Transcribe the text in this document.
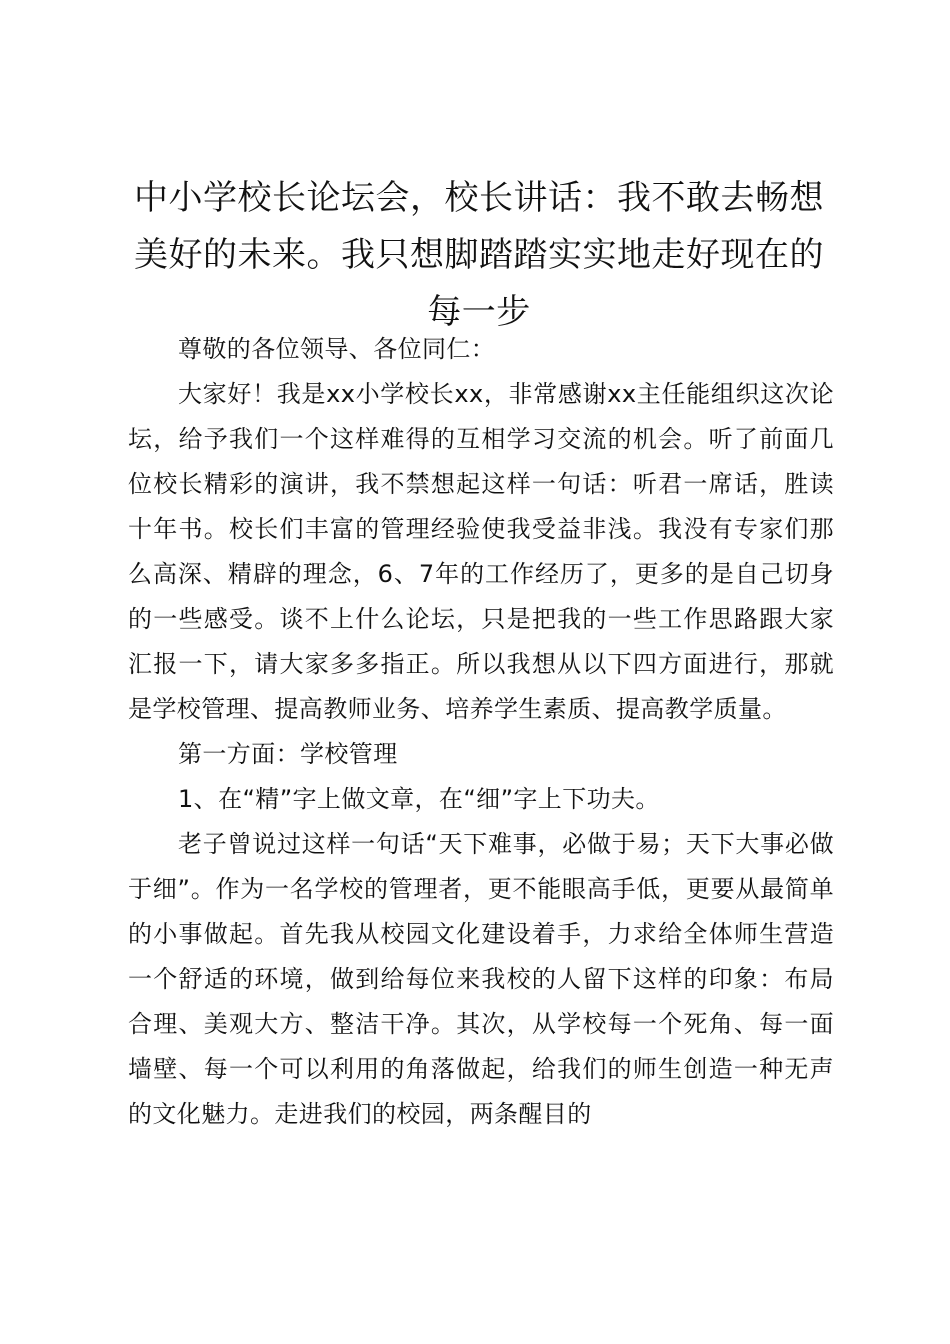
中小学校长论坛会，校长讲话：我不敢去畅想美好的未来。我只想脚踏踏实实地走好现在的每一步

尊敬的各位领导、各位同仁：

大家好！我是xx小学校长xx，非常感谢xx主任能组织这次论坛，给予我们一个这样难得的互相学习交流的机会。听了前面几位校长精彩的演讲，我不禁想起这样一句话：听君一席话，胜读十年书。校长们丰富的管理经验使我受益非浅。我没有专家们那么高深、精辟的理念，6、7年的工作经历了，更多的是自己切身的一些感受。谈不上什么论坛，只是把我的一些工作思路跟大家汇报一下，请大家多多指正。所以我想从以下四方面进行，那就是学校管理、提高教师业务、培养学生素质、提高教学质量。

第一方面：学校管理

1、在“精”字上做文章，在“细”字上下功夫。

老子曾说过这样一句话“天下难事，必做于易；天下大事必做于细”。作为一名学校的管理者，更不能眼高手低，更要从最简单的小事做起。首先我从校园文化建设着手，力求给全体师生营造一个舒适的环境，做到给每位来我校的人留下这样的印象：布局合理、美观大方、整洁干净。其次，从学校每一个死角、每一面墙壁、每一个可以利用的角落做起，给我们的师生创造一种无声的文化魅力。走进我们的校园，两条醒目的
